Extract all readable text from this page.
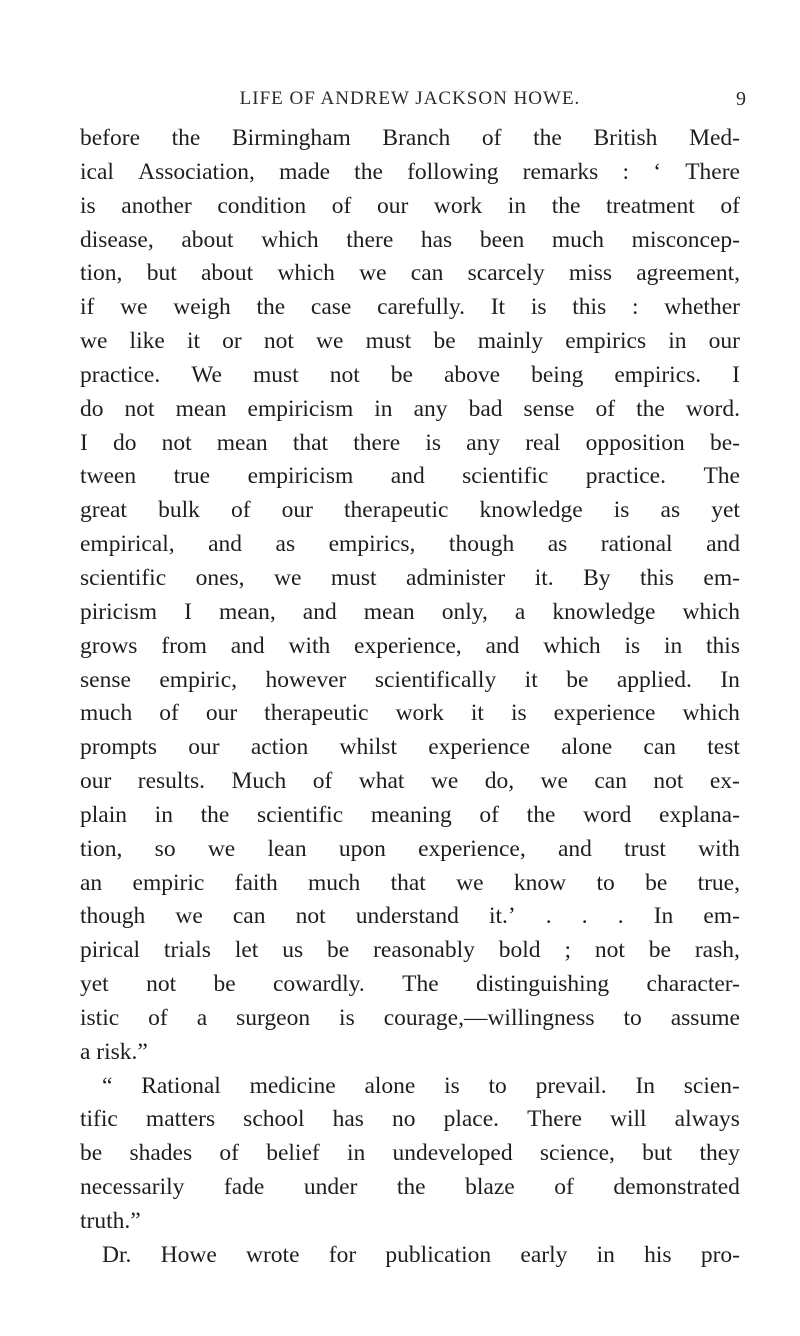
LIFE OF ANDREW JACKSON HOWE.	9
before the Birmingham Branch of the British Med-
ical Association, made the following remarks : ‘ There
is another condition of our work in the treatment of
disease, about which there has been much misconcep-
tion, but about which we can scarcely miss agreement,
if we weigh the case carefully. It is this : whether
we like it or not we must be mainly empirics in our
practice. We must not be above being empirics. I
do not mean empiricism in any bad sense of the word.
I do not mean that there is any real opposition be-
tween true empiricism and scientific practice. The
great bulk of our therapeutic knowledge is as yet
empirical, and as empirics, though as rational and
scientific ones, we must administer it. By this em-
piricism I mean, and mean only, a knowledge which
grows from and with experience, and which is in this
sense empiric, however scientifically it be applied. In
much of our therapeutic work it is experience which
prompts our action whilst experience alone can test
our results. Much of what we do, we can not ex-
plain in the scientific meaning of the word explana-
tion, so we lean upon experience, and trust with
an empiric faith much that we know to be true,
though we can not understand it.’ . . . In em-
pirical trials let us be reasonably bold ; not be rash,
yet not be cowardly. The distinguishing character-
istic of a surgeon is courage,—willingness to assume
a risk.”
“ Rational medicine alone is to prevail. In scien-
tific matters school has no place. There will always
be shades of belief in undeveloped science, but they
necessarily fade under the blaze of demonstrated
truth.”
Dr. Howe wrote for publication early in his pro-
